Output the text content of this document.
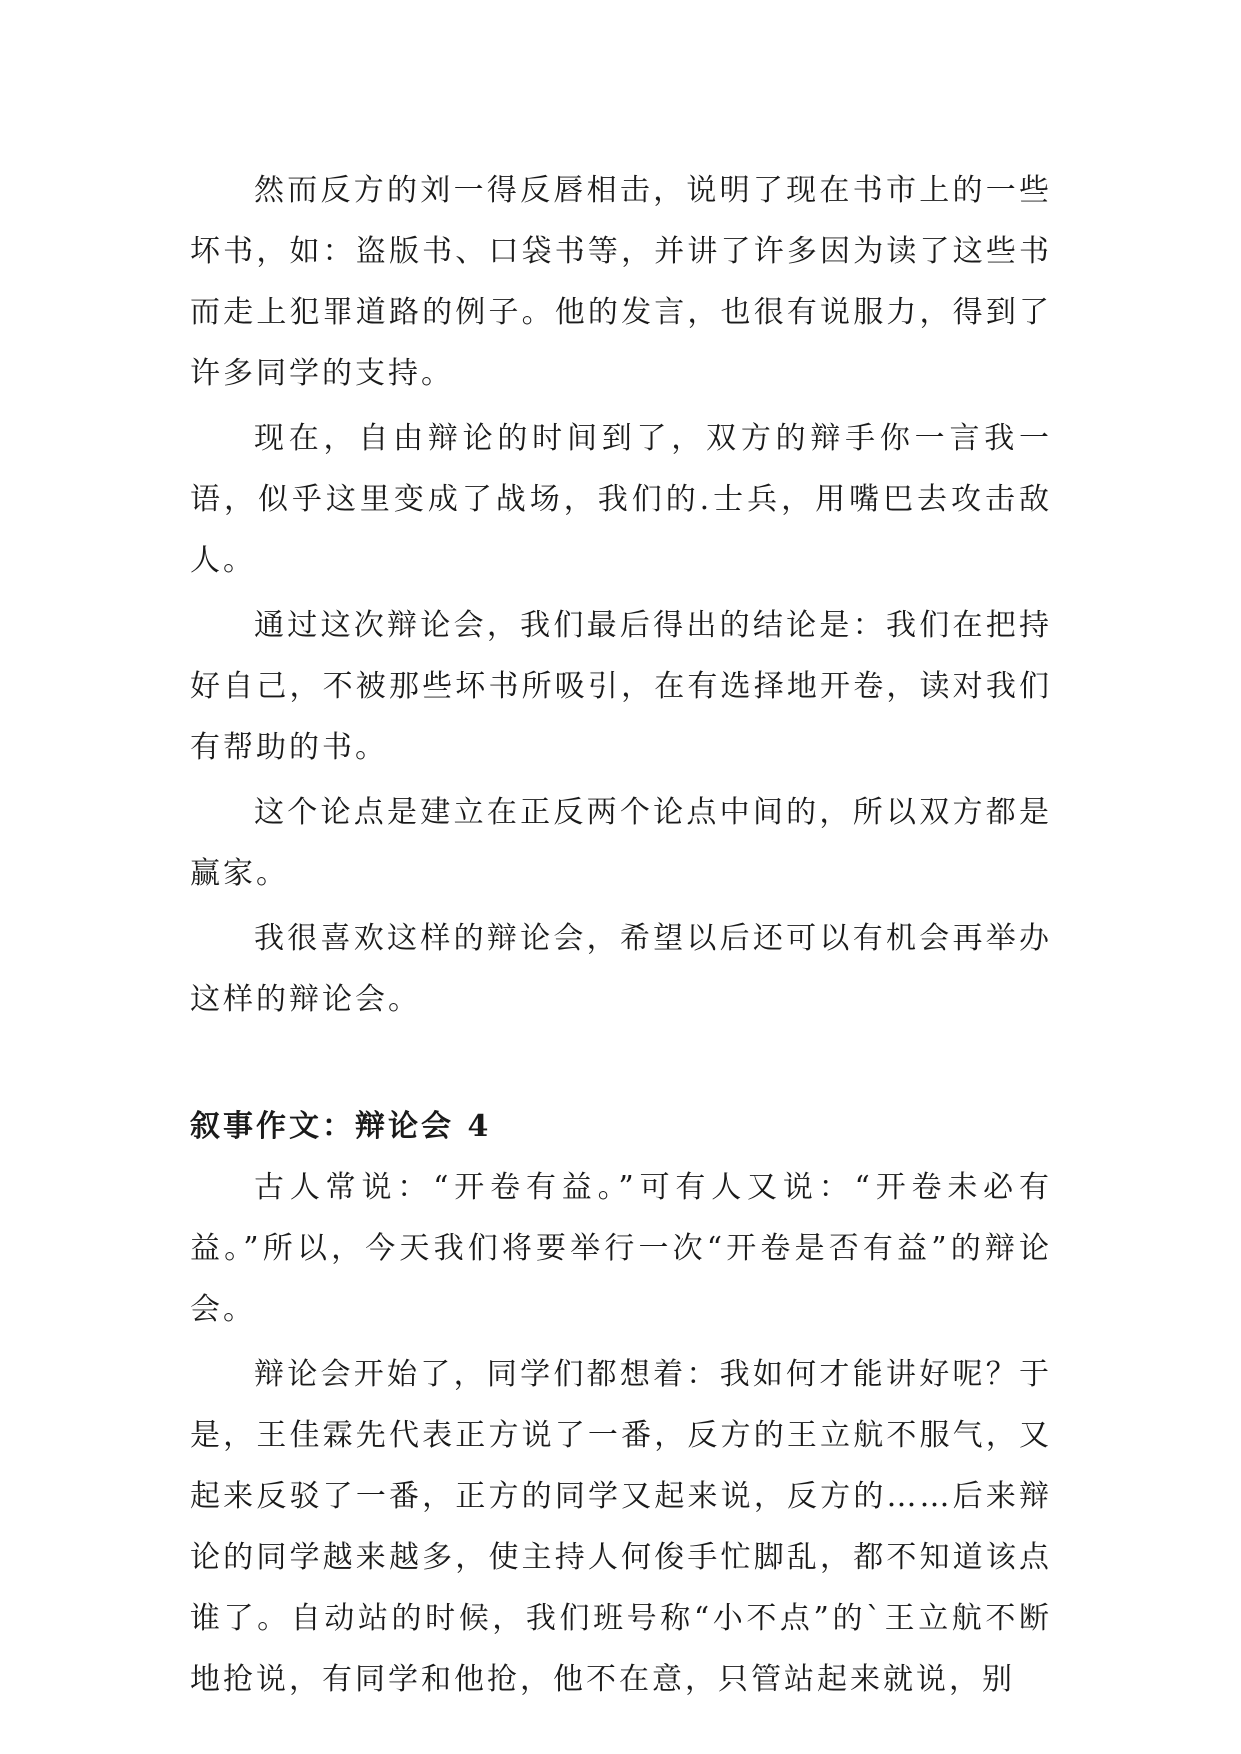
然而反方的刘一得反唇相击，说明了现在书市上的一些坏书，如：盗版书、口袋书等，并讲了许多因为读了这些书而走上犯罪道路的例子。他的发言，也很有说服力，得到了许多同学的支持。

现在，自由辩论的时间到了，双方的辩手你一言我一语，似乎这里变成了战场，我们的.士兵，用嘴巴去攻击敌人。

通过这次辩论会，我们最后得出的结论是：我们在把持好自己，不被那些坏书所吸引，在有选择地开卷，读对我们有帮助的书。

这个论点是建立在正反两个论点中间的，所以双方都是赢家。

我很喜欢这样的辩论会，希望以后还可以有机会再举办这样的辩论会。

叙事作文：辩论会 4

古人常说：“开卷有益。”可有人又说：“开卷未必有益。”所以，今天我们将要举行一次“开卷是否有益”的辩论会。

辩论会开始了，同学们都想着：我如何才能讲好呢？于是，王佳霖先代表正方说了一番，反方的王立航不服气，又起来反驳了一番，正方的同学又起来说，反方的……后来辩论的同学越来越多，使主持人何俊手忙脚乱，都不知道该点谁了。自动站的时候，我们班号称“小不点”的`王立航不断地抢说，有同学和他抢，他不在意，只管站起来就说，别
